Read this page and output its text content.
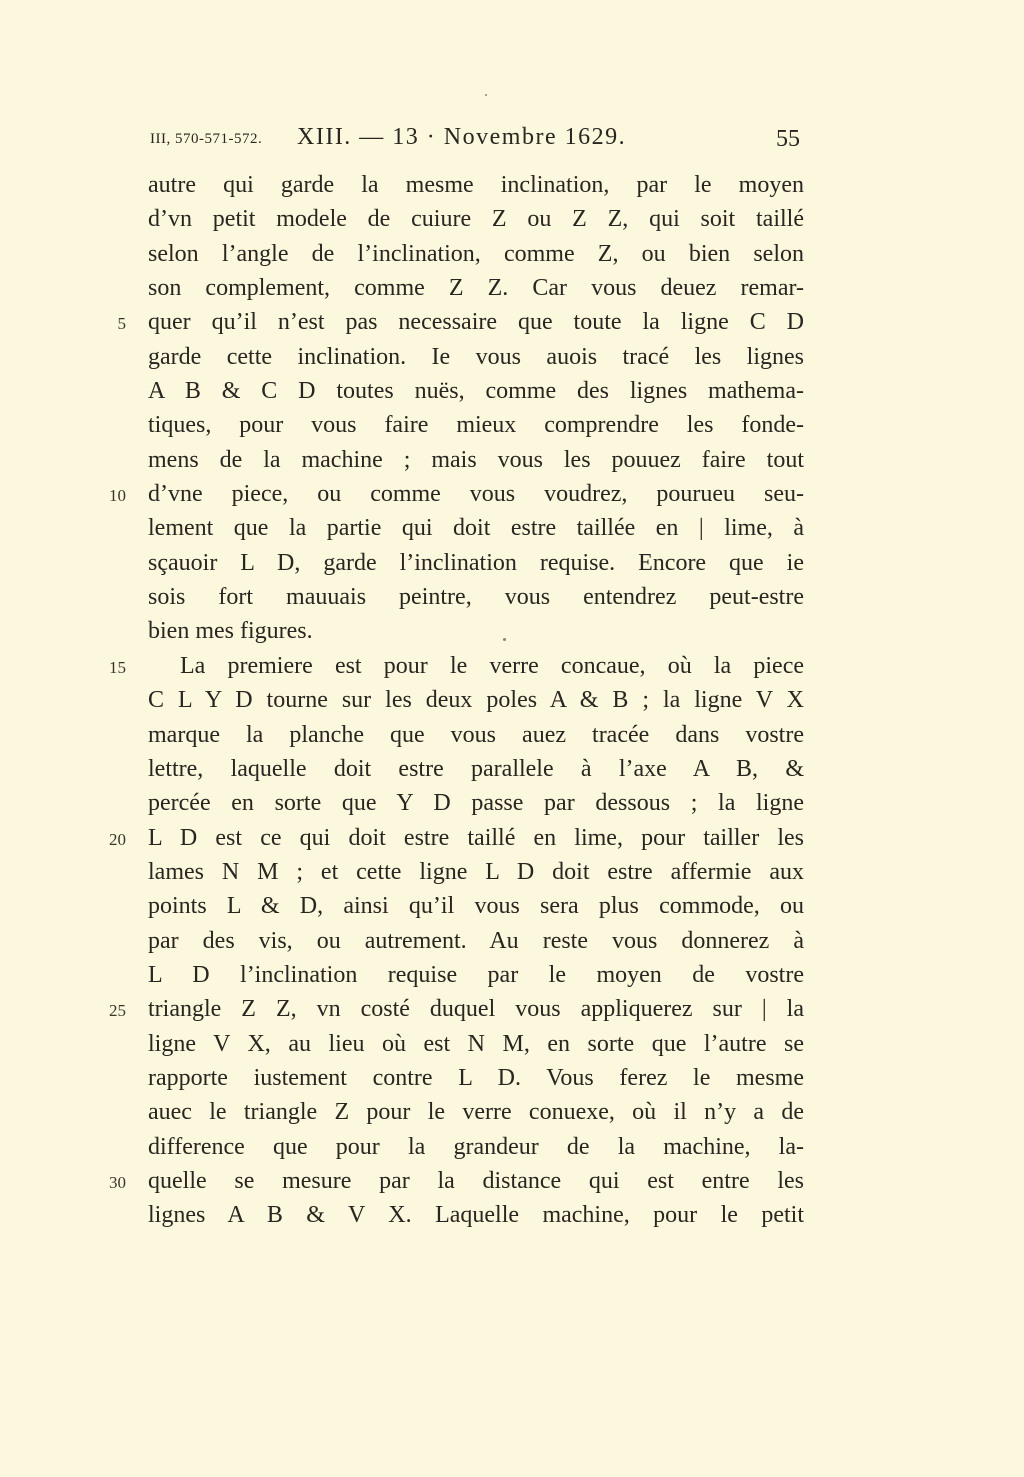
III, 570-571-572. XIII. — 13 · Novembre 1629.	55
autre qui garde la mesme inclination, par le moyen
d’vn petit modele de cuiure Z ou Z Z, qui soit taillé
selon l’angle de l’inclination, comme Z, ou bien selon
son complement, comme Z Z. Car vous deuez remar-
quer qu’il n’est pas necessaire que toute la ligne C D
garde cette inclination. Ie vous auois tracé les lignes
A B & C D toutes nuës, comme des lignes mathema-
tiques, pour vous faire mieux comprendre les fonde-
mens de la machine ; mais vous les pouuez faire tout
d’vne piece, ou comme vous voudrez, pourueu seu-
lement que la partie qui doit estre taillée en | lime, à
sçauoir L D, garde l’inclination requise. Encore que ie
sois fort mauuais peintre, vous entendrez peut-estre
bien mes figures.
La premiere est pour le verre concaue, où la piece
C L Y D tourne sur les deux poles A & B ; la ligne V X
marque la planche que vous auez tracée dans vostre
lettre, laquelle doit estre parallele à l’axe A B, &
percée en sorte que Y D passe par dessous ; la ligne
L D est ce qui doit estre taillé en lime, pour tailler les
lames N M ; et cette ligne L D doit estre affermie aux
points L & D, ainsi qu’il vous sera plus commode, ou
par des vis, ou autrement. Au reste vous donnerez à
L D l’inclination requise par le moyen de vostre
triangle Z Z, vn costé duquel vous appliquerez sur | la
ligne V X, au lieu où est N M, en sorte que l’autre se
rapporte iustement contre L D. Vous ferez le mesme
auec le triangle Z pour le verre conuexe, où il n’y a de
difference que pour la grandeur de la machine, la-
quelle se mesure par la distance qui est entre les
lignes A B & V X. Laquelle machine, pour le petit
5
10
15
20
25
30
